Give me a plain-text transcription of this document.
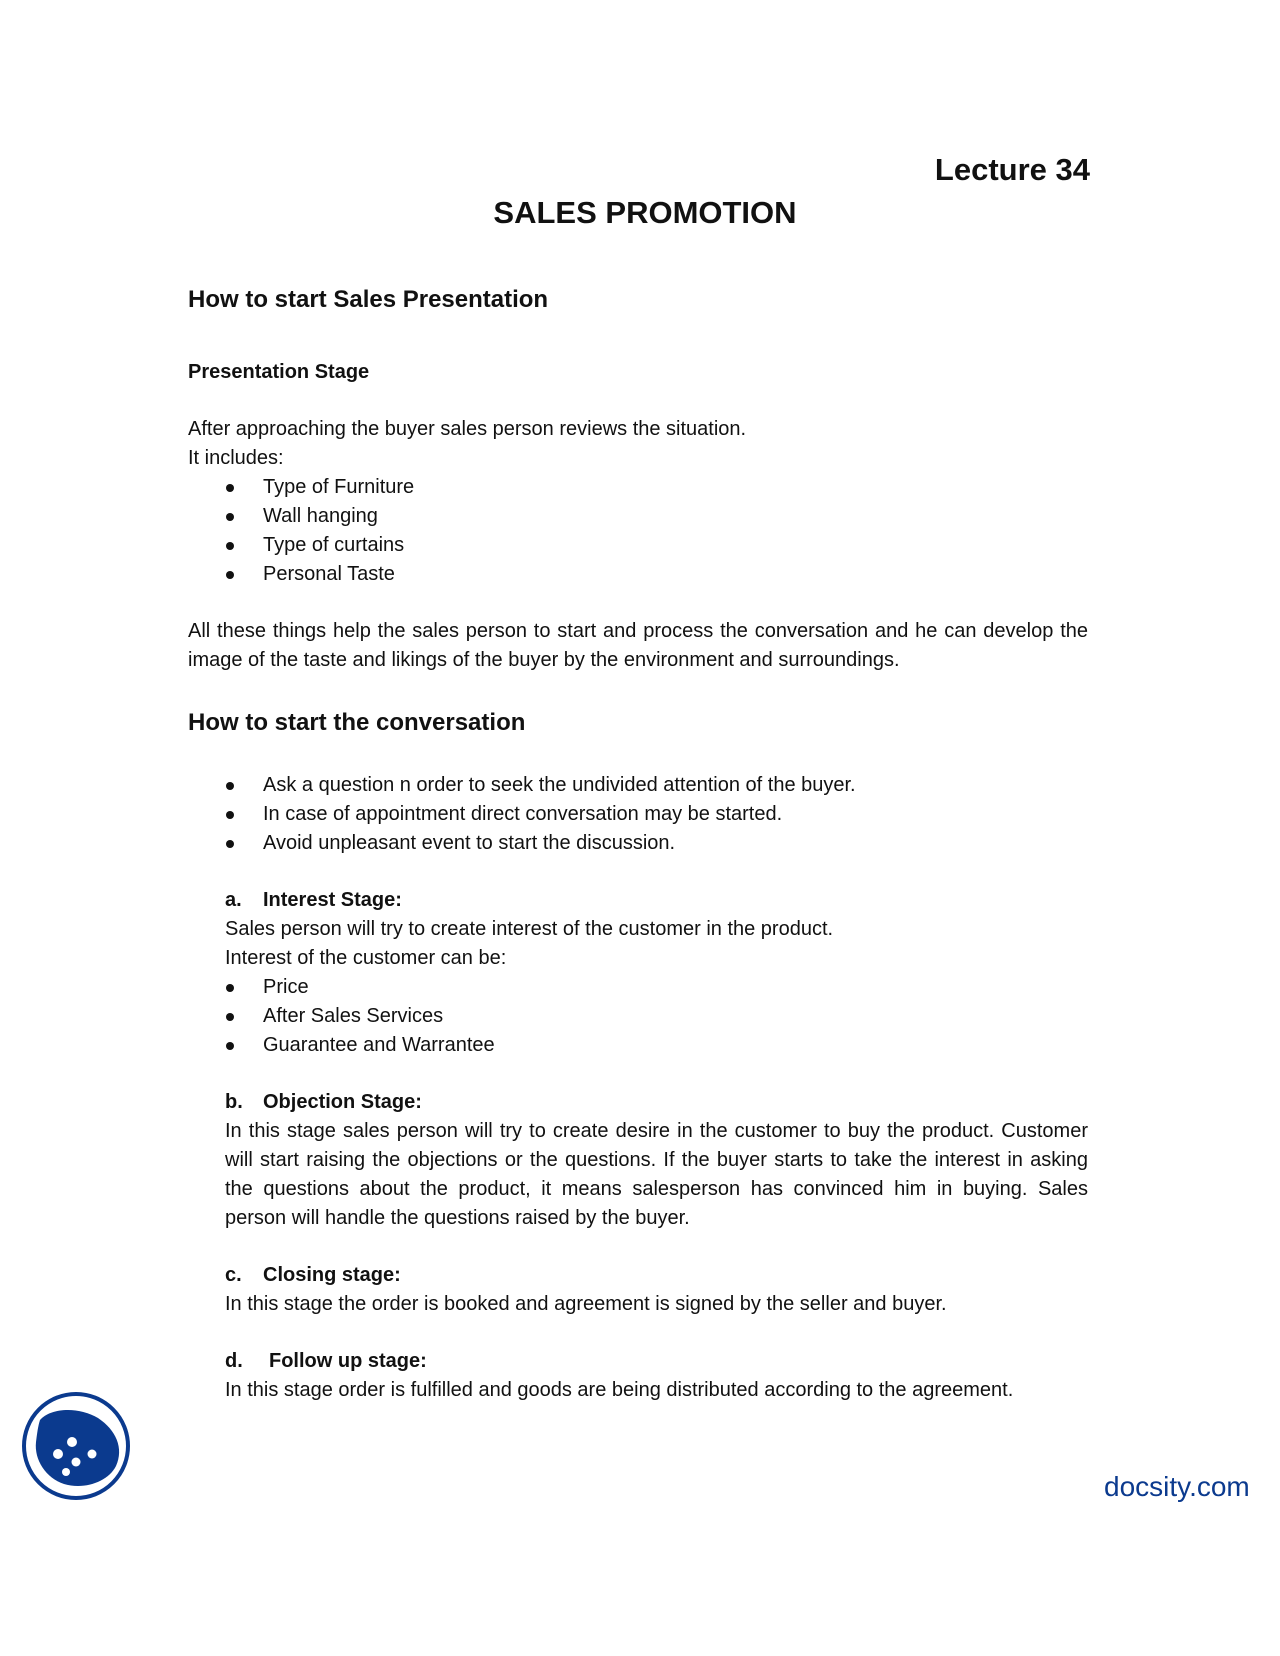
Lecture 34
SALES PROMOTION
How to start Sales Presentation
Presentation Stage

After approaching the buyer sales person reviews the situation.

It includes:

Type of Furniture
Wall hanging
Type of curtains
Personal Taste

All these things help the sales person to start and process the conversation and he can develop the image of the taste and likings of the buyer by the environment and surroundings.

How to start the conversation
Ask a question n order to seek the undivided attention of the buyer.
In case of appointment direct conversation may be started.
Avoid unpleasant event to start the discussion.
a.	Interest Stage:

Sales person will try to create interest of the customer in the product.

Interest of the customer can be:

Price
After Sales Services
Guarantee and Warrantee
b.	Objection Stage:

In this stage sales person will try to create desire in the customer to buy the product. Customer will start raising the objections or the questions. If the buyer starts to take the interest in asking the questions about the product, it means salesperson has convinced him in buying. Sales person will handle the questions raised by the buyer.

c.	Closing stage:

In this stage the order is booked and agreement is signed by the seller and buyer.

d.	Follow up stage:

In this stage order is fulfilled and goods are being distributed according to the agreement.

docsity.com
